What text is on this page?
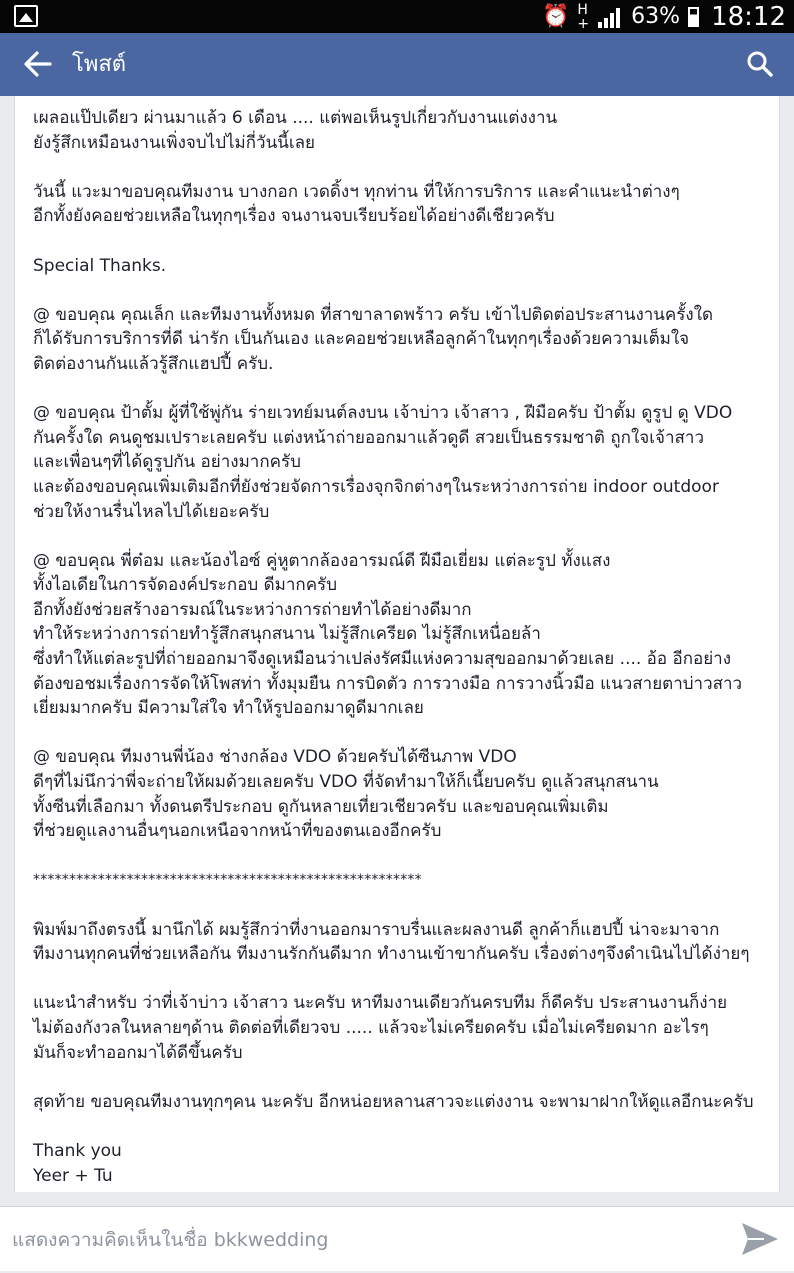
⏰ H
+ 63% 18:12
โพสต์

เผลอแป๊ปเดียว ผ่านมาแล้ว 6 เดือน .... แต่พอเห็นรูปเกี่ยวกับงานแต่งงาน
ยังรู้สึกเหมือนงานเพิ่งจบไปไม่กี่วันนี้เลย

วันนี้ แวะมาขอบคุณทีมงาน บางกอก เวดดิ้งฯ ทุกท่าน ที่ให้การบริการ และคำแนะนำต่างๆ
อีกทั้งยังคอยช่วยเหลือในทุกๆเรื่อง จนงานจบเรียบร้อยได้อย่างดีเชียวครับ

Special Thanks.

@ ขอบคุณ คุณเล็ก และทีมงานทั้งหมด ที่สาขาลาดพร้าว ครับ เข้าไปติดต่อประสานงานครั้งใด
ก็ได้รับการบริการที่ดี น่ารัก เป็นกันเอง และคอยช่วยเหลือลูกค้าในทุกๆเรื่องด้วยความเต็มใจ
ติดต่องานกันแล้วรู้สึกแฮปปี้ ครับ.

@ ขอบคุณ ป้าตั้ม ผู้ที่ใช้พู่กัน ร่ายเวทย์มนต์ลงบน เจ้าบ่าว เจ้าสาว , ฝีมือครับ ป้าตั้ม ดูรูป ดู VDO
กันครั้งใด คนดูชมเปราะเลยครับ แต่งหน้าถ่ายออกมาแล้วดูดี สวยเป็นธรรมชาติ ถูกใจเจ้าสาว
และเพื่อนๆที่ได้ดูรูปกัน อย่างมากครับ
และต้องขอบคุณเพิ่มเติมอีกที่ยังช่วยจัดการเรื่องจุกจิกต่างๆในระหว่างการถ่าย indoor outdoor
ช่วยให้งานรื่นไหลไปได้เยอะครับ

@ ขอบคุณ พี่ต๋อม และน้องไอซ์ คู่หูตากล้องอารมณ์ดี ฝีมือเยี่ยม แต่ละรูป ทั้งแสง
ทั้งไอเดียในการจัดองค์ประกอบ ดีมากครับ
อีกทั้งยังช่วยสร้างอารมณ์ในระหว่างการถ่ายทำได้อย่างดีมาก
ทำให้ระหว่างการถ่ายทำรู้สึกสนุกสนาน ไม่รู้สึกเครียด ไม่รู้สึกเหนื่อยล้า
ซึ่งทำให้แต่ละรูปที่ถ่ายออกมาจึงดูเหมือนว่าเปล่งรัศมีแห่งความสุขออกมาด้วยเลย .... อ้อ อีกอย่าง
ต้องขอชมเรื่องการจัดให้โพสท่า ทั้งมุมยืน การบิดตัว การวางมือ การวางนิ้วมือ แนวสายตาบ่าวสาว
เยี่ยมมากครับ มีความใส่ใจ ทำให้รูปออกมาดูดีมากเลย

@ ขอบคุณ ทีมงานพี่น้อง ช่างกล้อง VDO ด้วยครับได้ซีนภาพ VDO
ดีๆที่ไม่นึกว่าพี่จะถ่ายให้ผมด้วยเลยครับ VDO ที่จัดทำมาให้ก็เนี้ยบครับ ดูแล้วสนุกสนาน
ทั้งซีนที่เลือกมา ทั้งดนตรีประกอบ ดูกันหลายเที่ยวเชียวครับ และขอบคุณเพิ่มเติม
ที่ช่วยดูแลงานอื่นๆนอกเหนือจากหน้าที่ของตนเองอีกครับ

******************************************************

พิมพ์มาถึงตรงนี้ มานึกได้ ผมรู้สึกว่าที่งานออกมาราบรื่นและผลงานดี ลูกค้าก็แฮปปี้ น่าจะมาจาก
ทีมงานทุกคนที่ช่วยเหลือกัน ทีมงานรักกันดีมาก ทำงานเข้าขากันครับ เรื่องต่างๆจึงดำเนินไปได้ง่ายๆ

แนะนำสำหรับ ว่าที่เจ้าบ่าว เจ้าสาว นะครับ หาทีมงานเดียวกันครบทีม ก็ดีครับ ประสานงานก็ง่าย
ไม่ต้องกังวลในหลายๆด้าน ติดต่อที่เดียวจบ ..... แล้วจะไม่เครียดครับ เมื่อไม่เครียดมาก อะไรๆ
มันก็จะทำออกมาได้ดีขึ้นครับ

สุดท้าย ขอบคุณทีมงานทุกๆคน นะครับ อีกหน่อยหลานสาวจะแต่งงาน จะพามาฝากให้ดูแลอีกนะครับ

Thank you
Yeer + Tu

แสดงความคิดเห็นในชื่อ bkkwedding
